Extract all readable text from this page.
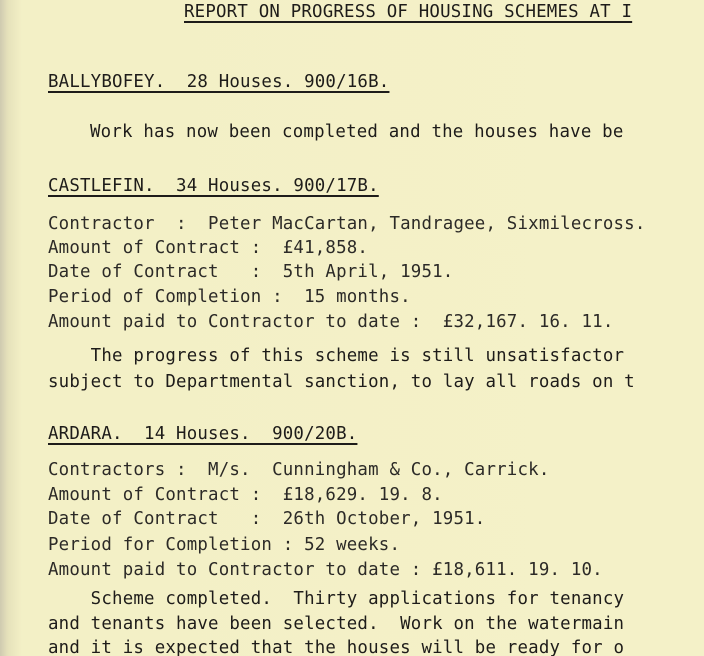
REPORT ON PROGRESS OF HOUSING SCHEMES AT I
BALLYBOFEY.  28 Houses. 900/16B.
Work has now been completed and the houses have be
CASTLEFIN.  34 Houses. 900/17B.
Contractor  :  Peter MacCartan, Tandragee, Sixmilecross.
Amount of Contract :  £41,858.
Date of Contract   :  5th April, 1951.
Period of Completion :  15 months.
Amount paid to Contractor to date :  £32,167. 16. 11.
The progress of this scheme is still unsatisfactor
subject to Departmental sanction, to lay all roads on t
ARDARA.  14 Houses.  900/20B.
Contractors :  M/s.  Cunningham & Co., Carrick.
Amount of Contract :  £18,629. 19. 8.
Date of Contract   :  26th October, 1951.
Period for Completion : 52 weeks.
Amount paid to Contractor to date : £18,611. 19. 10.
Scheme completed.  Thirty applications for tenancy
and tenants have been selected.  Work on the watermain
and it is expected that the houses will be ready for o
